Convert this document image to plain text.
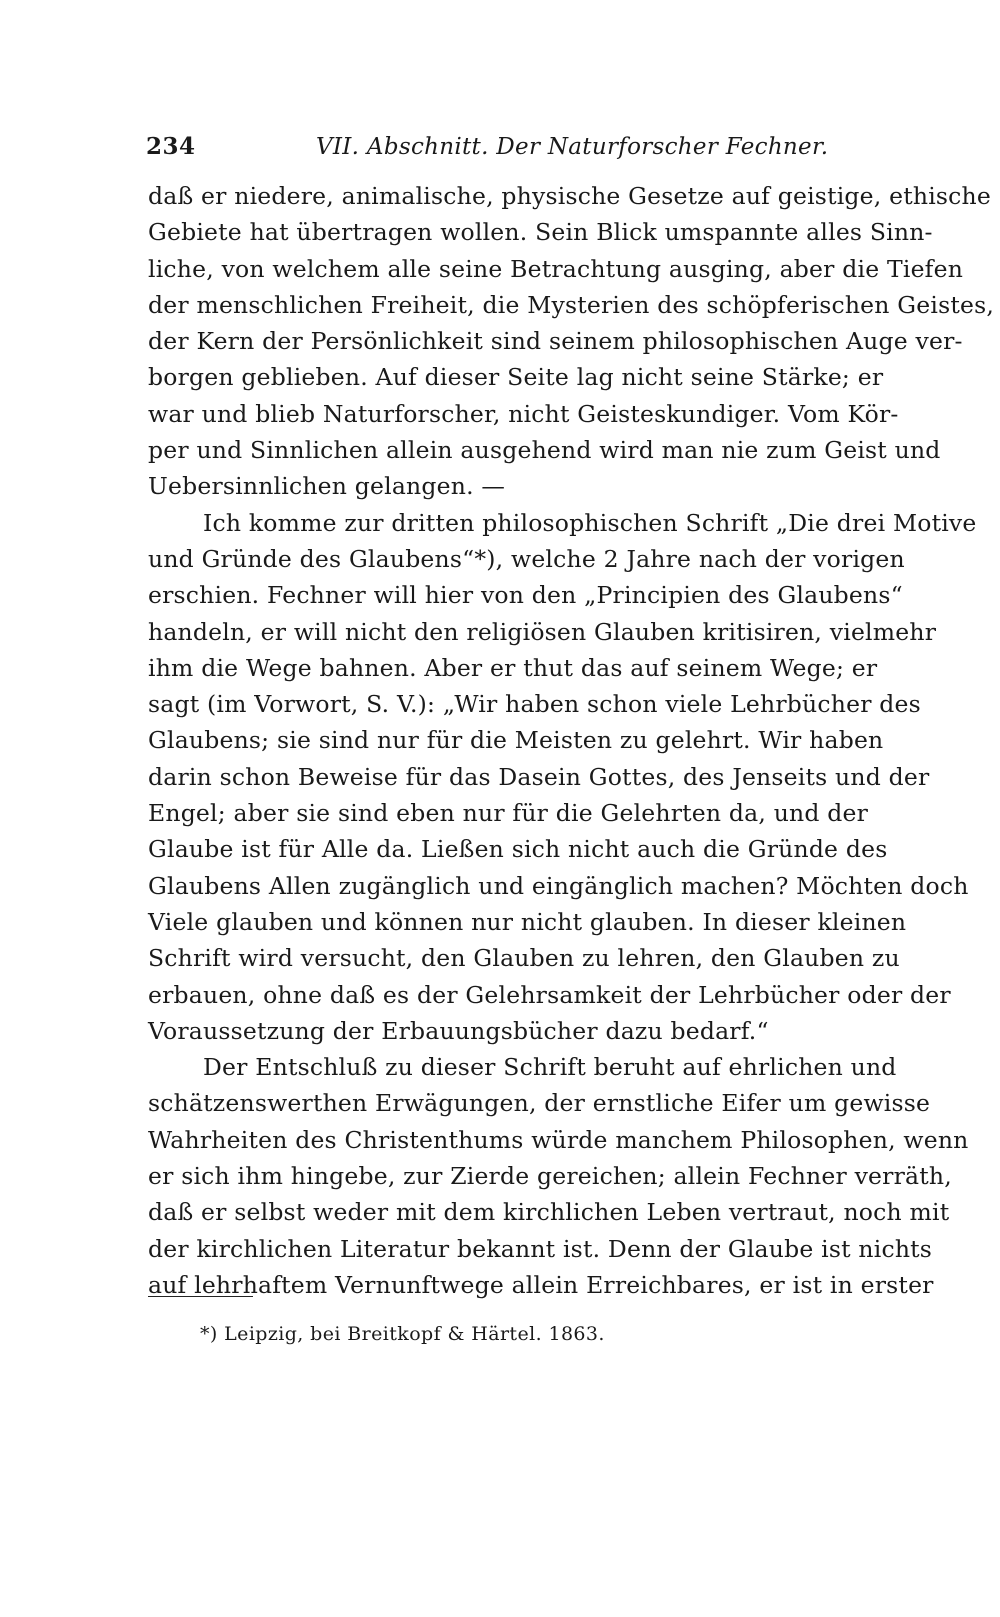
234	VII. Abschnitt. Der Naturforscher Fechner.
daß er niedere, animalische, physische Gesetze auf geistige, ethische
Gebiete hat übertragen wollen. Sein Blick umspannte alles Sinn-
liche, von welchem alle seine Betrachtung ausging, aber die Tiefen
der menschlichen Freiheit, die Mysterien des schöpferischen Geistes,
der Kern der Persönlichkeit sind seinem philosophischen Auge ver-
borgen geblieben. Auf dieser Seite lag nicht seine Stärke; er
war und blieb Naturforscher, nicht Geisteskundiger. Vom Kör-
per und Sinnlichen allein ausgehend wird man nie zum Geist und
Uebersinnlichen gelangen. —
Ich komme zur dritten philosophischen Schrift „Die drei Motive
und Gründe des Glaubens“*), welche 2 Jahre nach der vorigen
erschien. Fechner will hier von den „Principien des Glaubens“
handeln, er will nicht den religiösen Glauben kritisiren, vielmehr
ihm die Wege bahnen. Aber er thut das auf seinem Wege; er
sagt (im Vorwort, S. V.): „Wir haben schon viele Lehrbücher des
Glaubens; sie sind nur für die Meisten zu gelehrt. Wir haben
darin schon Beweise für das Dasein Gottes, des Jenseits und der
Engel; aber sie sind eben nur für die Gelehrten da, und der
Glaube ist für Alle da. Ließen sich nicht auch die Gründe des
Glaubens Allen zugänglich und eingänglich machen? Möchten doch
Viele glauben und können nur nicht glauben. In dieser kleinen
Schrift wird versucht, den Glauben zu lehren, den Glauben zu
erbauen, ohne daß es der Gelehrsamkeit der Lehrbücher oder der
Voraussetzung der Erbauungsbücher dazu bedarf.“
Der Entschluß zu dieser Schrift beruht auf ehrlichen und
schätzenswerthen Erwägungen, der ernstliche Eifer um gewisse
Wahrheiten des Christenthums würde manchem Philosophen, wenn
er sich ihm hingebe, zur Zierde gereichen; allein Fechner verräth,
daß er selbst weder mit dem kirchlichen Leben vertraut, noch mit
der kirchlichen Literatur bekannt ist. Denn der Glaube ist nichts
auf lehrhaftem Vernunftwege allein Erreichbares, er ist in erster
*) Leipzig, bei Breitkopf & Härtel. 1863.
